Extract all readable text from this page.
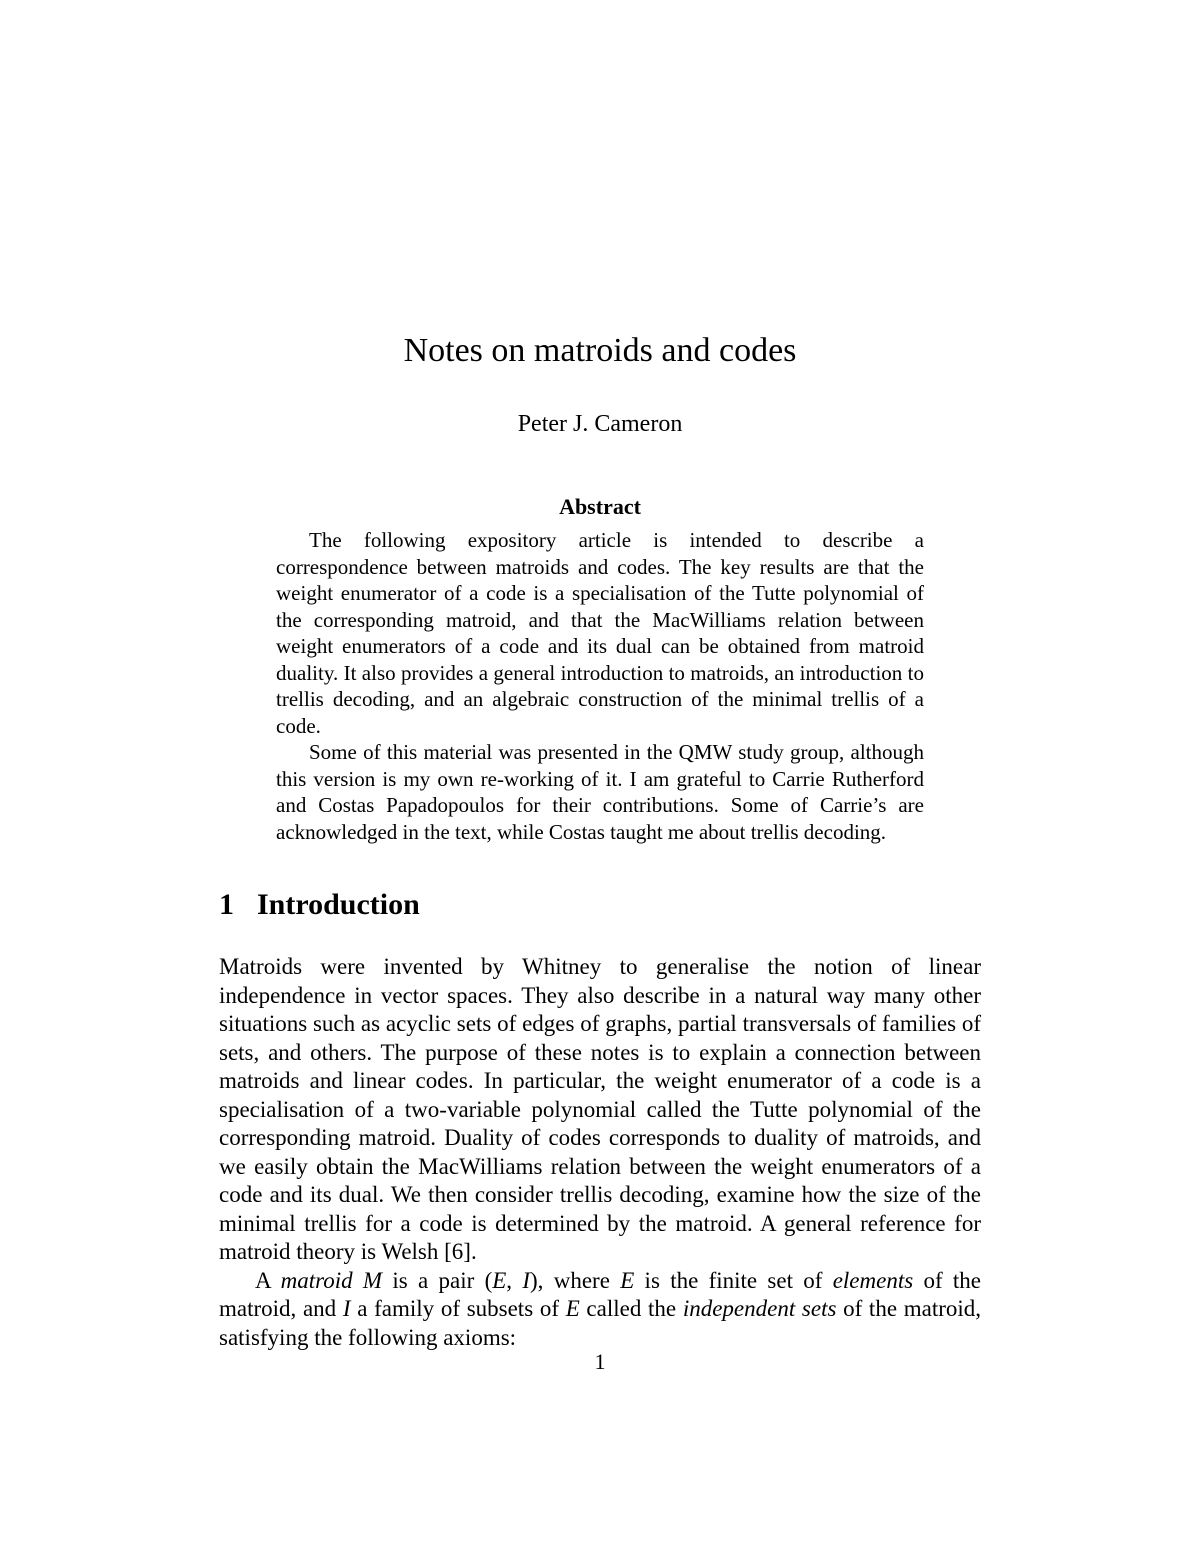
Notes on matroids and codes
Peter J. Cameron
Abstract

The following expository article is intended to describe a correspondence between matroids and codes. The key results are that the weight enumerator of a code is a specialisation of the Tutte polynomial of the corresponding matroid, and that the MacWilliams relation between weight enumerators of a code and its dual can be obtained from matroid duality. It also provides a general introduction to matroids, an introduction to trellis decoding, and an algebraic construction of the minimal trellis of a code.

Some of this material was presented in the QMW study group, although this version is my own re-working of it. I am grateful to Carrie Rutherford and Costas Papadopoulos for their contributions. Some of Carrie’s are acknowledged in the text, while Costas taught me about trellis decoding.

1 Introduction

Matroids were invented by Whitney to generalise the notion of linear independence in vector spaces. They also describe in a natural way many other situations such as acyclic sets of edges of graphs, partial transversals of families of sets, and others. The purpose of these notes is to explain a connection between matroids and linear codes. In particular, the weight enumerator of a code is a specialisation of a two-variable polynomial called the Tutte polynomial of the corresponding matroid. Duality of codes corresponds to duality of matroids, and we easily obtain the MacWilliams relation between the weight enumerators of a code and its dual. We then consider trellis decoding, examine how the size of the minimal trellis for a code is determined by the matroid. A general reference for matroid theory is Welsh [6].

A matroid M is a pair (E, I), where E is the finite set of elements of the matroid, and I a family of subsets of E called the independent sets of the matroid, satisfying the following axioms:

1
